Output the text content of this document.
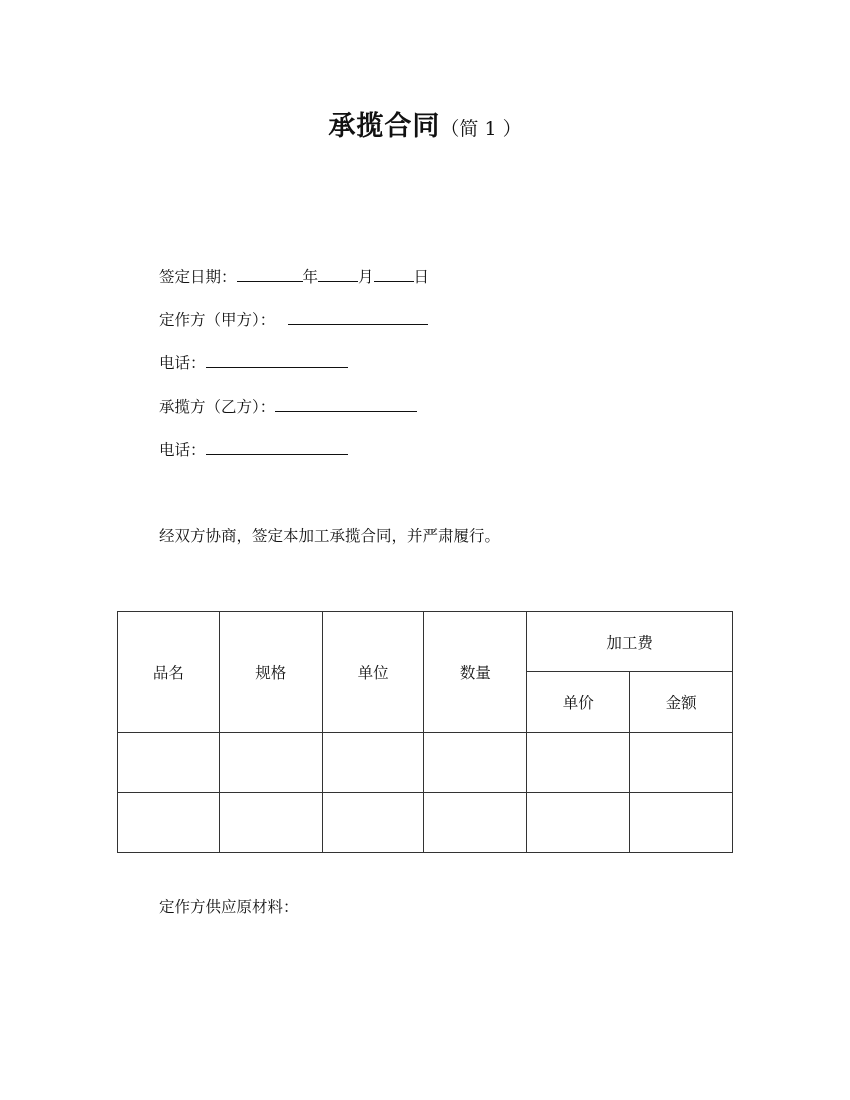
承揽合同（简 1 ）
签定日期：	年	月	日
定作方（甲方）：
电话：
承揽方（乙方）：
电话：
经双方协商，签定本加工承揽合同，并严肃履行。
品名	规格	单位	数量	加工费	
				单价	金额

定作方供应原材料：
